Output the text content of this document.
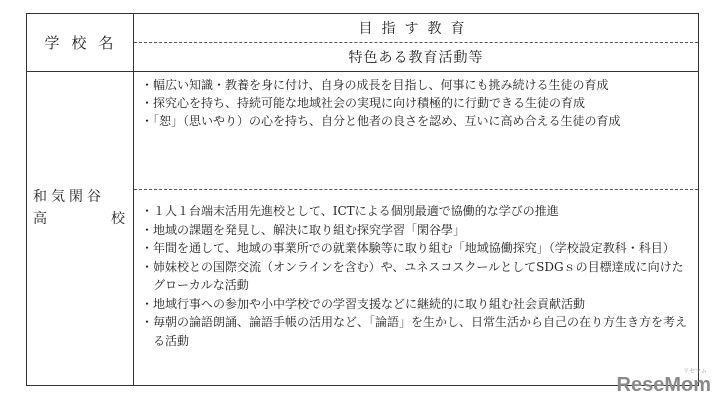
学校名
目指す教育
特色ある教育活動等
和気閑谷
高	校
・幅広い知識・教養を身に付け、自身の成長を目指し、何事にも挑み続ける生徒の育成
・探究心を持ち、持続可能な地域社会の実現に向け積極的に行動できる生徒の育成
・「恕」（思いやり）の心を持ち、自分と他者の良さを認め、互いに高め合える生徒の育成
・１人１台端末活用先進校として、ICTによる個別最適で協働的な学びの推進
・地域の課題を発見し、解決に取り組む探究学習「閑谷學」
・年間を通して、地域の事業所での就業体験等に取り組む「地域協働探究」（学校設定教科・科目）
・姉妹校との国際交流（オンラインを含む）や、ユネスコスクールとしてSDGｓの目標達成に向けたグローカルな活動
・地域行事への参加や小中学校での学習支援などに継続的に取り組む社会貢献活動
・毎朝の論語朗誦、論語手帳の活用など、「論語」を生かし、日常生活から自己の在り方生き方を考える活動
リセマム
ReseMom
